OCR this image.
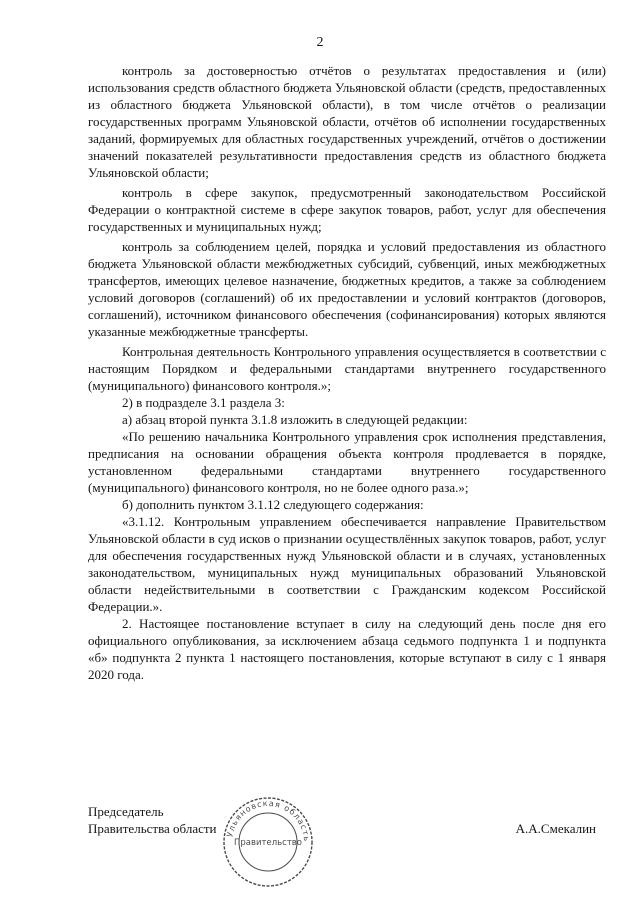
2

контроль за достоверностью отчётов о результатах предоставления и (или) использования средств областного бюджета Ульяновской области (средств, предоставленных из областного бюджета Ульяновской области), в том числе отчётов о реализации государственных программ Ульяновской области, отчётов об исполнении государственных заданий, формируемых для областных государственных учреждений, отчётов о достижении значений показателей результативности предоставления средств из областного бюджета Ульяновской области;

контроль в сфере закупок, предусмотренный законодательством Российской Федерации о контрактной системе в сфере закупок товаров, работ, услуг для обеспечения государственных и муниципальных нужд;

контроль за соблюдением целей, порядка и условий предоставления из областного бюджета Ульяновской области межбюджетных субсидий, субвенций, иных межбюджетных трансфертов, имеющих целевое назначение, бюджетных кредитов, а также за соблюдением условий договоров (соглашений) об их предоставлении и условий контрактов (договоров, соглашений), источником финансового обеспечения (софинансирования) которых являются указанные межбюджетные трансферты.

Контрольная деятельность Контрольного управления осуществляется в соответствии с настоящим Порядком и федеральными стандартами внутреннего государственного (муниципального) финансового контроля.»;

2) в подразделе 3.1 раздела 3:

а) абзац второй пункта 3.1.8 изложить в следующей редакции:

«По решению начальника Контрольного управления срок исполнения представления, предписания на основании обращения объекта контроля продлевается в порядке, установленном федеральными стандартами внутреннего государственного (муниципального) финансового контроля, но не более одного раза.»;

б) дополнить пунктом 3.1.12 следующего содержания:

«3.1.12. Контрольным управлением обеспечивается направление Правительством Ульяновской области в суд исков о признании осуществлённых закупок товаров, работ, услуг для обеспечения государственных нужд Ульяновской области и в случаях, установленных законодательством, муниципальных нужд муниципальных образований Ульяновской области недействительными в соответствии с Гражданским кодексом Российской Федерации.».

2. Настоящее постановление вступает в силу на следующий день после дня его официального опубликования, за исключением абзаца седьмого подпункта 1 и подпункта «б» подпункта 2 пункта 1 настоящего постановления, которые вступают в силу с 1 января 2020 года.

Председатель
Правительства области	А.А.Смекалин
Ульяновская область
Правительство
